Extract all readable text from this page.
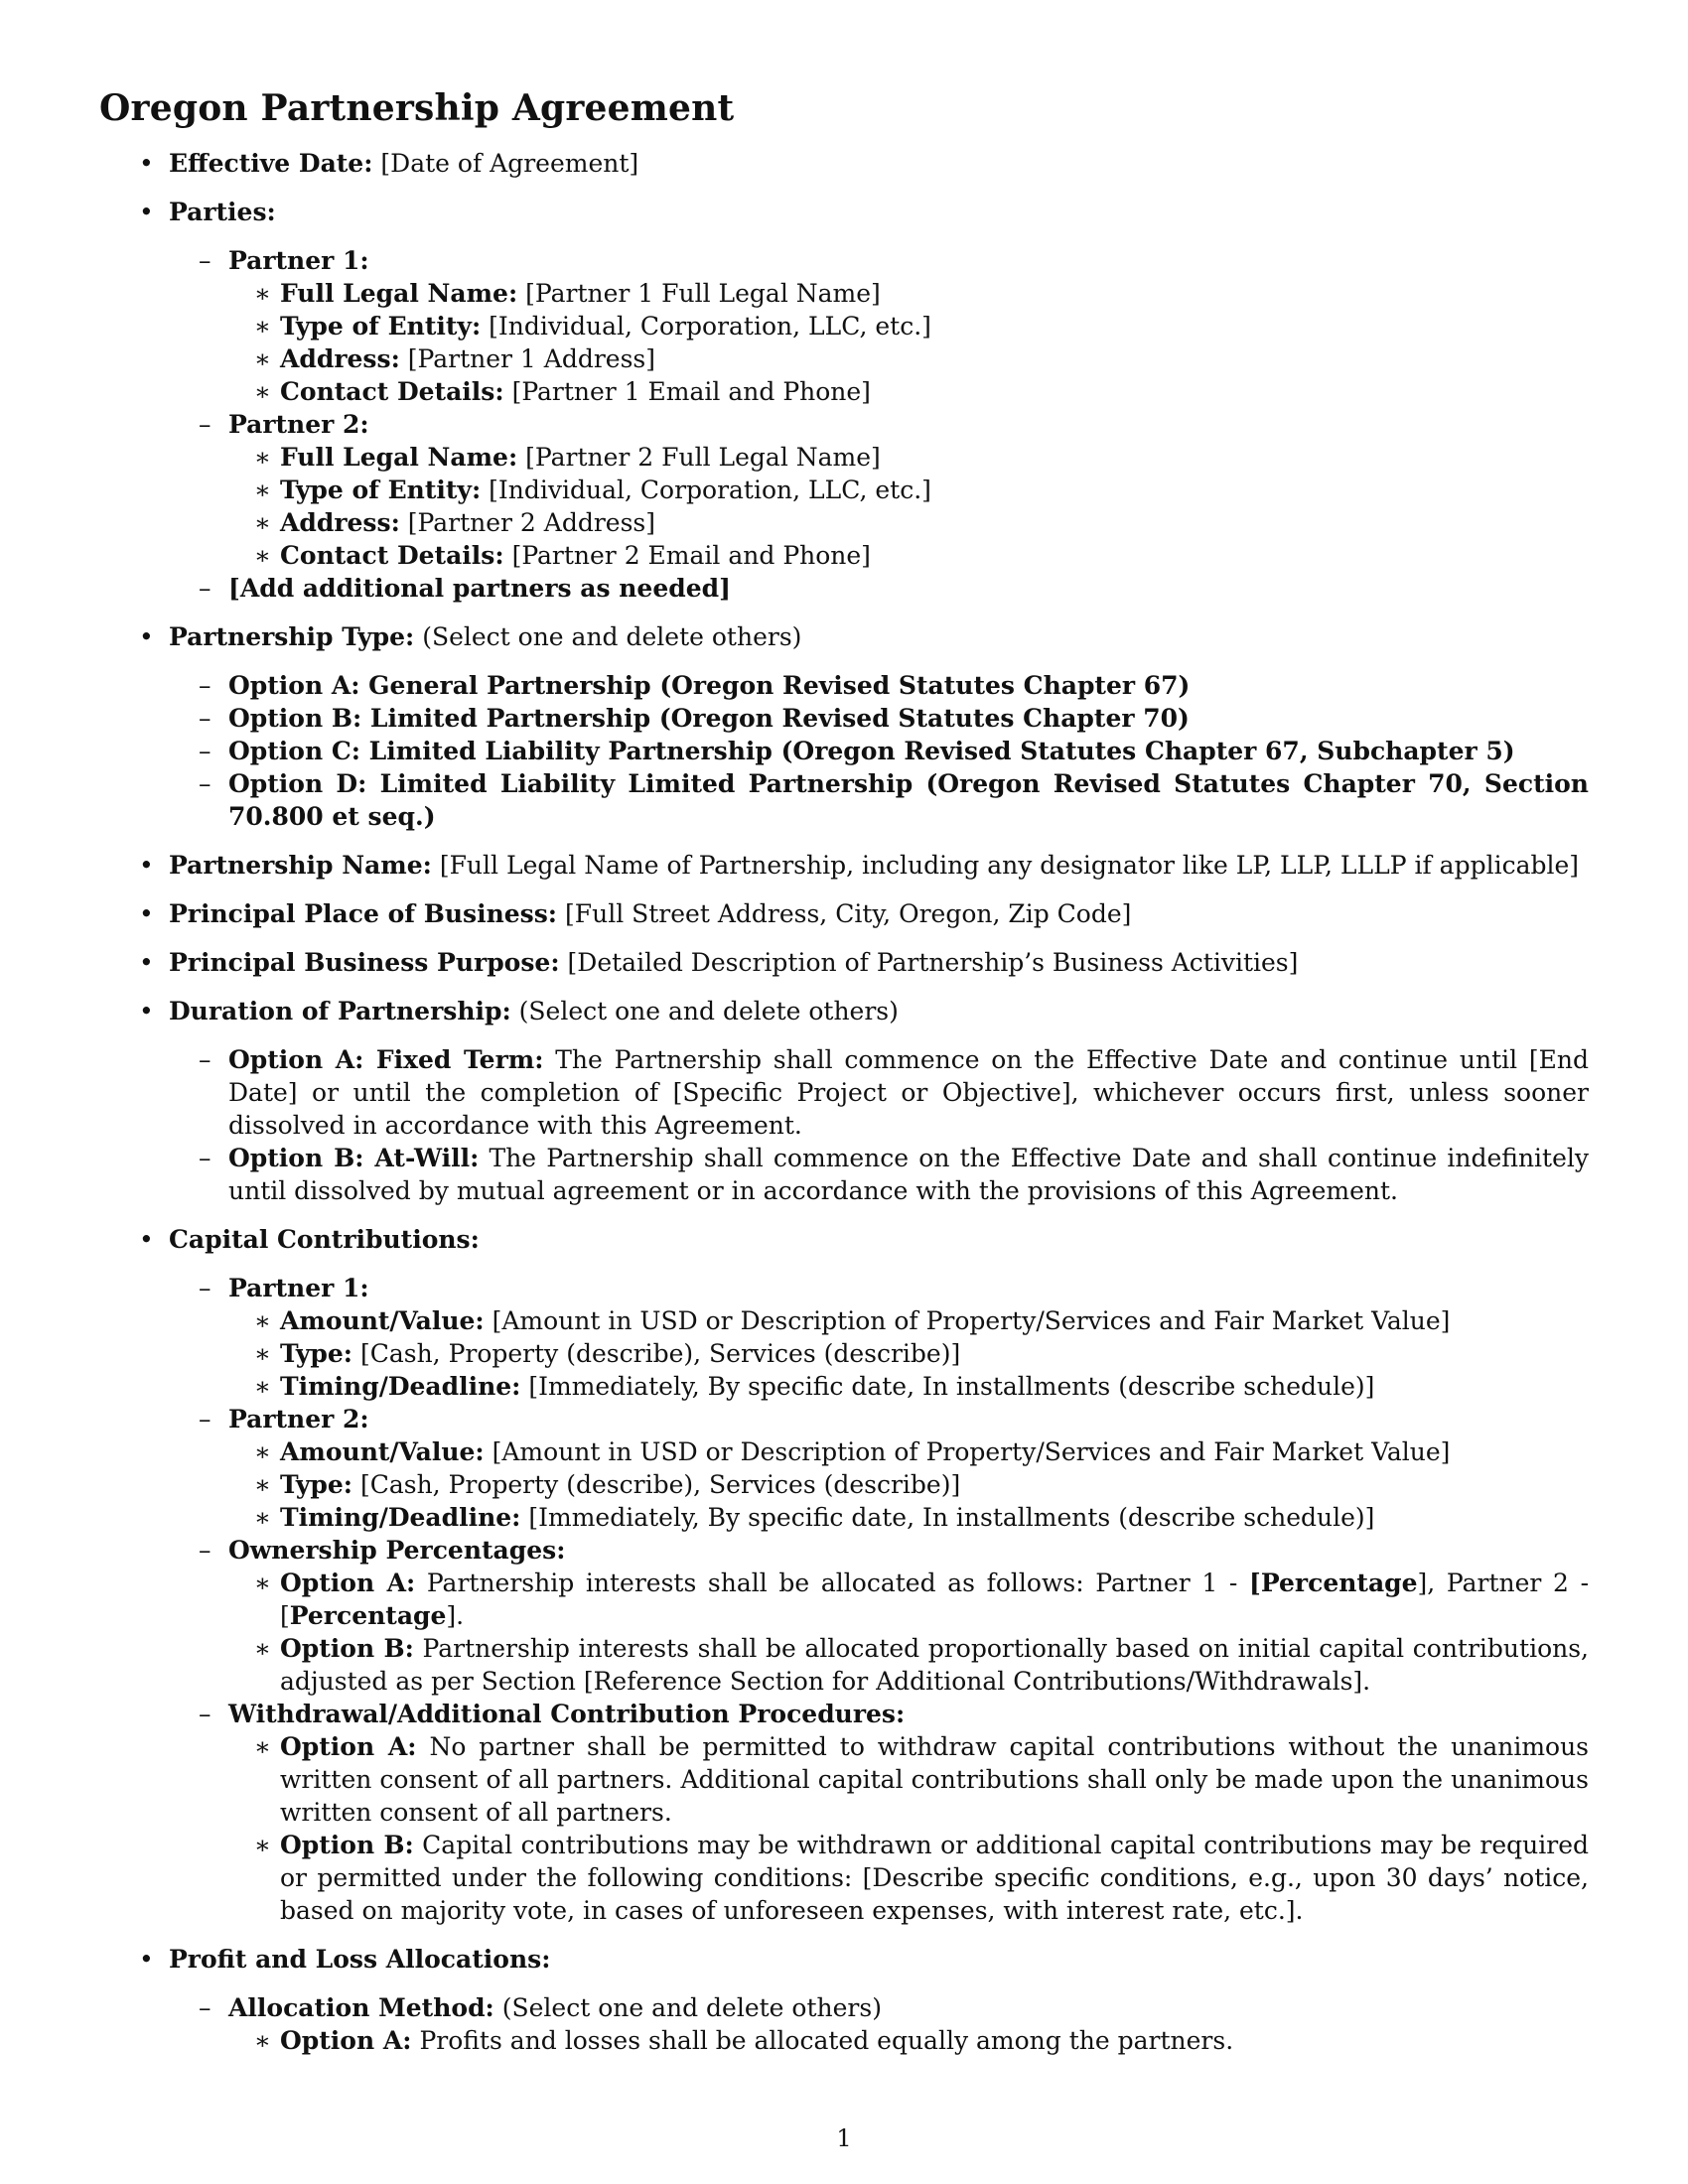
Oregon Partnership Agreement
• Effective Date: [Date of Agreement]
• Parties:
– Partner 1:
∗ Full Legal Name: [Partner 1 Full Legal Name]
∗ Type of Entity: [Individual, Corporation, LLC, etc.]
∗ Address: [Partner 1 Address]
∗ Contact Details: [Partner 1 Email and Phone]
– Partner 2:
∗ Full Legal Name: [Partner 2 Full Legal Name]
∗ Type of Entity: [Individual, Corporation, LLC, etc.]
∗ Address: [Partner 2 Address]
∗ Contact Details: [Partner 2 Email and Phone]
– [Add additional partners as needed]
• Partnership Type: (Select one and delete others)
– Option A: General Partnership (Oregon Revised Statutes Chapter 67)
– Option B: Limited Partnership (Oregon Revised Statutes Chapter 70)
– Option C: Limited Liability Partnership (Oregon Revised Statutes Chapter 67, Subchapter 5)
– Option D: Limited Liability Limited Partnership (Oregon Revised Statutes Chapter 70, Section 70.800 et seq.)
• Partnership Name: [Full Legal Name of Partnership, including any designator like LP, LLP, LLLP if applicable]
• Principal Place of Business: [Full Street Address, City, Oregon, Zip Code]
• Principal Business Purpose: [Detailed Description of Partnership’s Business Activities]
• Duration of Partnership: (Select one and delete others)
– Option A: Fixed Term: The Partnership shall commence on the Effective Date and continue until [End Date] or until the completion of [Specific Project or Objective], whichever occurs first, unless sooner dissolved in accordance with this Agreement.
– Option B: At-Will: The Partnership shall commence on the Effective Date and shall continue indefinitely until dissolved by mutual agreement or in accordance with the provisions of this Agreement.
• Capital Contributions:
– Partner 1:
∗ Amount/Value: [Amount in USD or Description of Property/Services and Fair Market Value]
∗ Type: [Cash, Property (describe), Services (describe)]
∗ Timing/Deadline: [Immediately, By specific date, In installments (describe schedule)]
– Partner 2:
∗ Amount/Value: [Amount in USD or Description of Property/Services and Fair Market Value]
∗ Type: [Cash, Property (describe), Services (describe)]
∗ Timing/Deadline: [Immediately, By specific date, In installments (describe schedule)]
– Ownership Percentages:
∗ Option A: Partnership interests shall be allocated as follows: Partner 1 - [Percentage], Partner 2 - [Percentage].
∗ Option B: Partnership interests shall be allocated proportionally based on initial capital contributions, adjusted as per Section [Reference Section for Additional Contributions/Withdrawals].
– Withdrawal/Additional Contribution Procedures:
∗ Option A: No partner shall be permitted to withdraw capital contributions without the unanimous written consent of all partners. Additional capital contributions shall only be made upon the unanimous written consent of all partners.
∗ Option B: Capital contributions may be withdrawn or additional capital contributions may be required or permitted under the following conditions: [Describe specific conditions, e.g., upon 30 days’ notice, based on majority vote, in cases of unforeseen expenses, with interest rate, etc.].
• Profit and Loss Allocations:
– Allocation Method: (Select one and delete others)
∗ Option A: Profits and losses shall be allocated equally among the partners.
1
